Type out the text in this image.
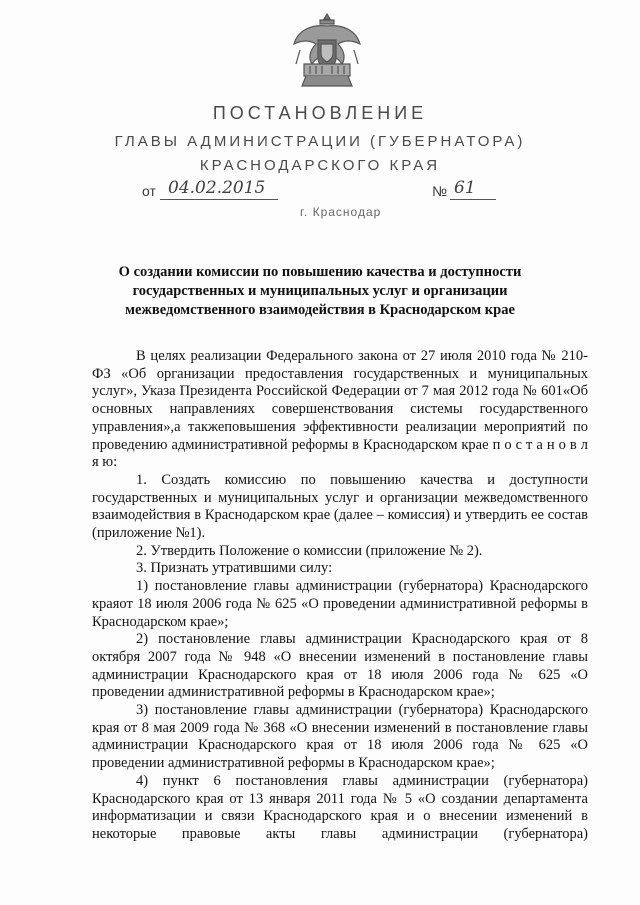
ПОСТАНОВЛЕНИЕ
ГЛАВЫ АДМИНИСТРАЦИИ (ГУБЕРНАТОРА)
КРАСНОДАРСКОГО КРАЯ
от 04.02.2015	№ 61
г. Краснодар
О создании комиссии по повышению качества и доступности государственных и муниципальных услуг и организации межведомственного взаимодействия в Краснодарском крае

В целях реализации Федерального закона от 27 июля 2010 года № 210-ФЗ «Об организации предоставления государственных и муниципальных услуг», Указа Президента Российской Федерации от 7 мая 2012 года № 601«Об основных направлениях совершенствования системы государственного управления»,а такжеповышения эффективности реализации мероприятий по проведению административной реформы в Краснодарском крае п о с т а н о в л я ю:

1. Создать комиссию по повышению качества и доступности государственных и муниципальных услуг и организации межведомственного взаимодействия в Краснодарском крае (далее – комиссия) и утвердить ее состав (приложение №1).

2. Утвердить Положение о комиссии (приложение № 2).

3. Признать утратившими силу:

1) постановление главы администрации (губернатора) Краснодарского краяот 18 июля 2006 года № 625 «О проведении административной реформы в Краснодарском крае»;

2) постановление главы администрации Краснодарского края от 8 октября 2007 года № 948 «О внесении изменений в постановление главы администрации Краснодарского края от 18 июля 2006 года № 625 «О проведении административной реформы в Краснодарском крае»;

3) постановление главы администрации (губернатора) Краснодарского края от 8 мая 2009 года № 368 «О внесении изменений в постановление главы администрации Краснодарского края от 18 июля 2006 года № 625 «О проведении административной реформы в Краснодарском крае»;

4) пункт 6 постановления главы администрации (губернатора) Краснодарского края от 13 января 2011 года № 5 «О создании департамента информатизации и связи Краснодарского края и о внесении изменений в некоторые правовые акты главы администрации (губернатора)
